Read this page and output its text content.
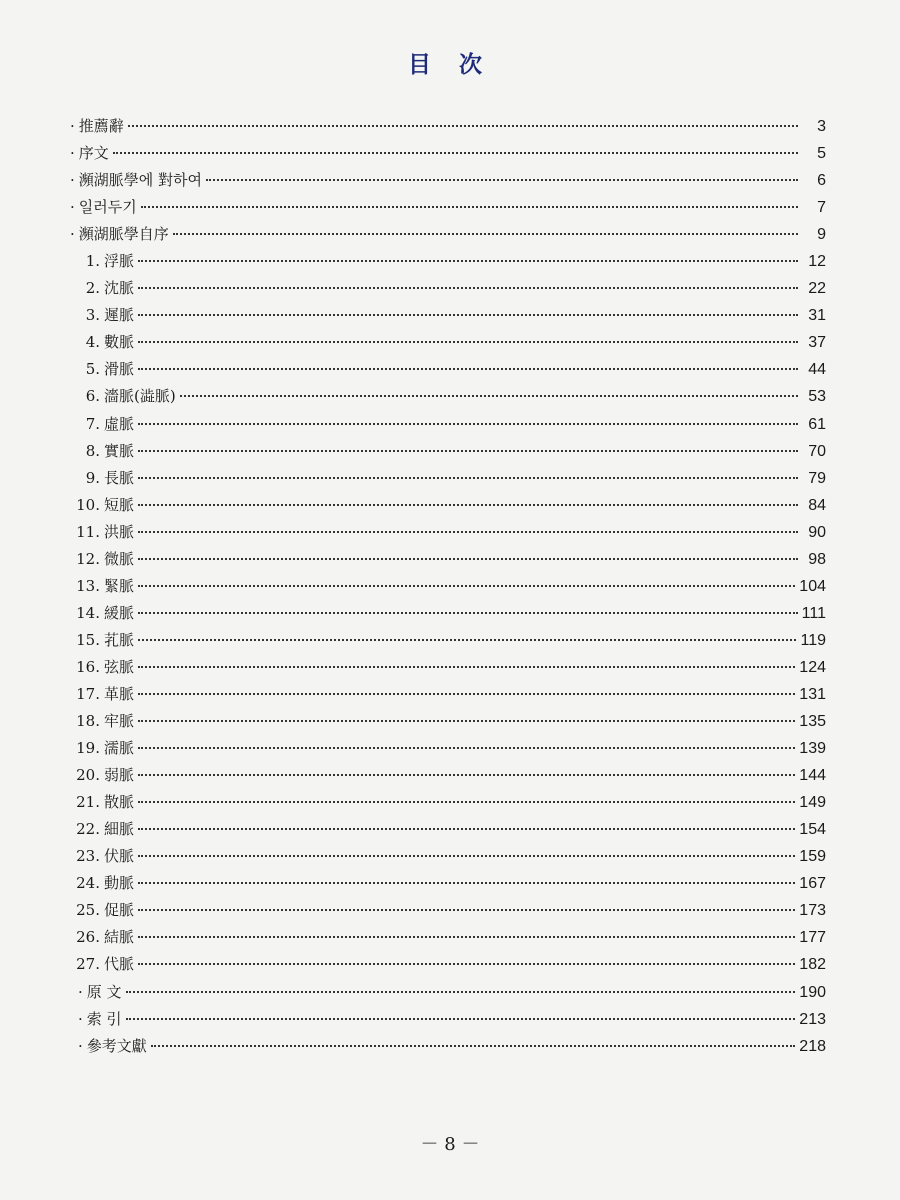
目 次
· 推薦辭	3
· 序文	5
· 瀕湖脈學에 對하여	6
· 일러두기	7
· 瀕湖脈學自序	9
1. 浮脈	12
2. 沈脈	22
3. 遲脈	31
4. 數脈	37
5. 滑脈	44
6. 濇脈(澁脈)	53
7. 虛脈	61
8. 實脈	70
9. 長脈	79
10. 短脈	84
11. 洪脈	90
12. 微脈	98
13. 緊脈	104
14. 緩脈	111
15. 芤脈	119
16. 弦脈	124
17. 革脈	131
18. 牢脈	135
19. 濡脈	139
20. 弱脈	144
21. 散脈	149
22. 細脈	154
23. 伏脈	159
24. 動脈	167
25. 促脈	173
26. 結脈	177
27. 代脈	182
· 原 文	190
· 索 引	213
· 參考文獻	218
－ 8 －
